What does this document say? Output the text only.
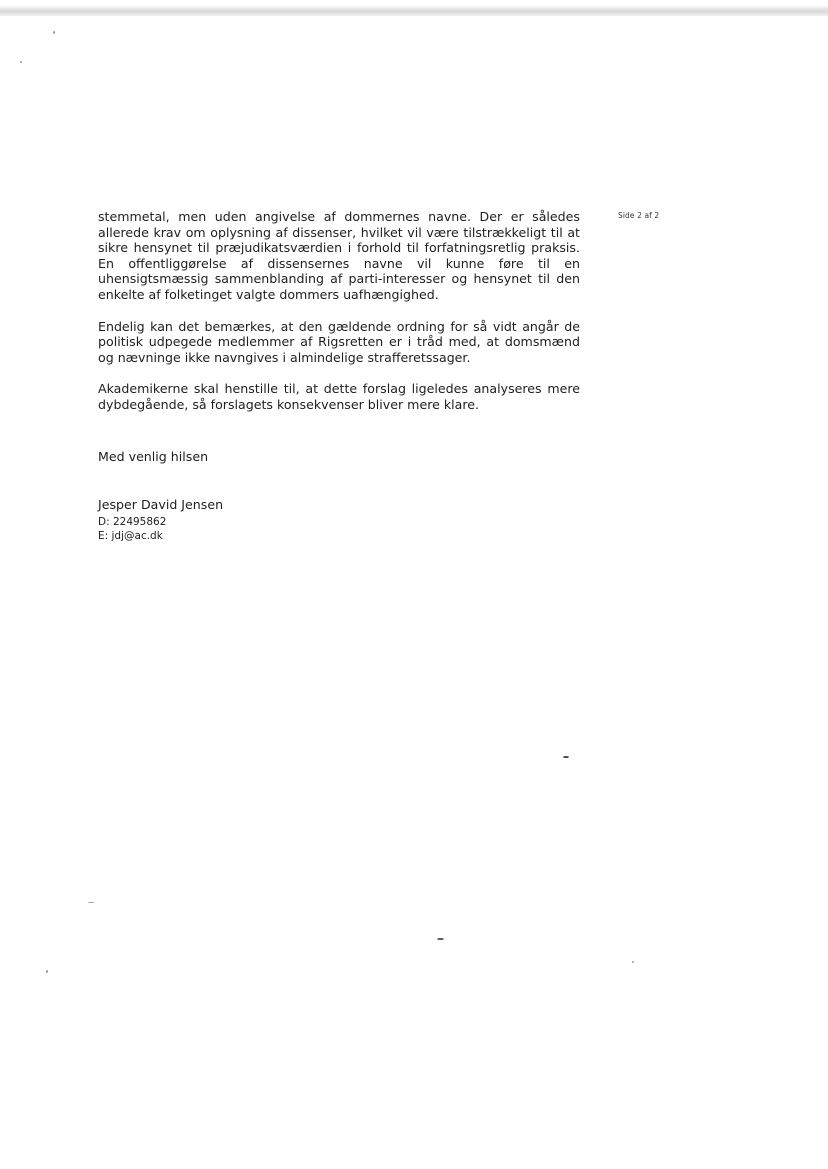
Side 2 af 2

stemmetal, men uden angivelse af dommernes navne. Der er således allerede krav om oplysning af dissenser, hvilket vil være tilstrækkeligt til at sikre hensynet til præjudikatsværdien i forhold til forfatningsretlig praksis. En offentliggørelse af dissensernes navne vil kunne føre til en uhensigtsmæssig sammenblanding af parti-interesser og hensynet til den enkelte af folketinget valgte dommers uafhængighed.

Endelig kan det bemærkes, at den gældende ordning for så vidt angår de politisk udpegede medlemmer af Rigsretten er i tråd med, at domsmænd og nævninge ikke navngives i almindelige strafferetssager.

Akademikerne skal henstille til, at dette forslag ligeledes analyseres mere dybdegående, så forslagets konsekvenser bliver mere klare.

Med venlig hilsen
Jesper David Jensen
D: 22495862
E: jdj@ac.dk
